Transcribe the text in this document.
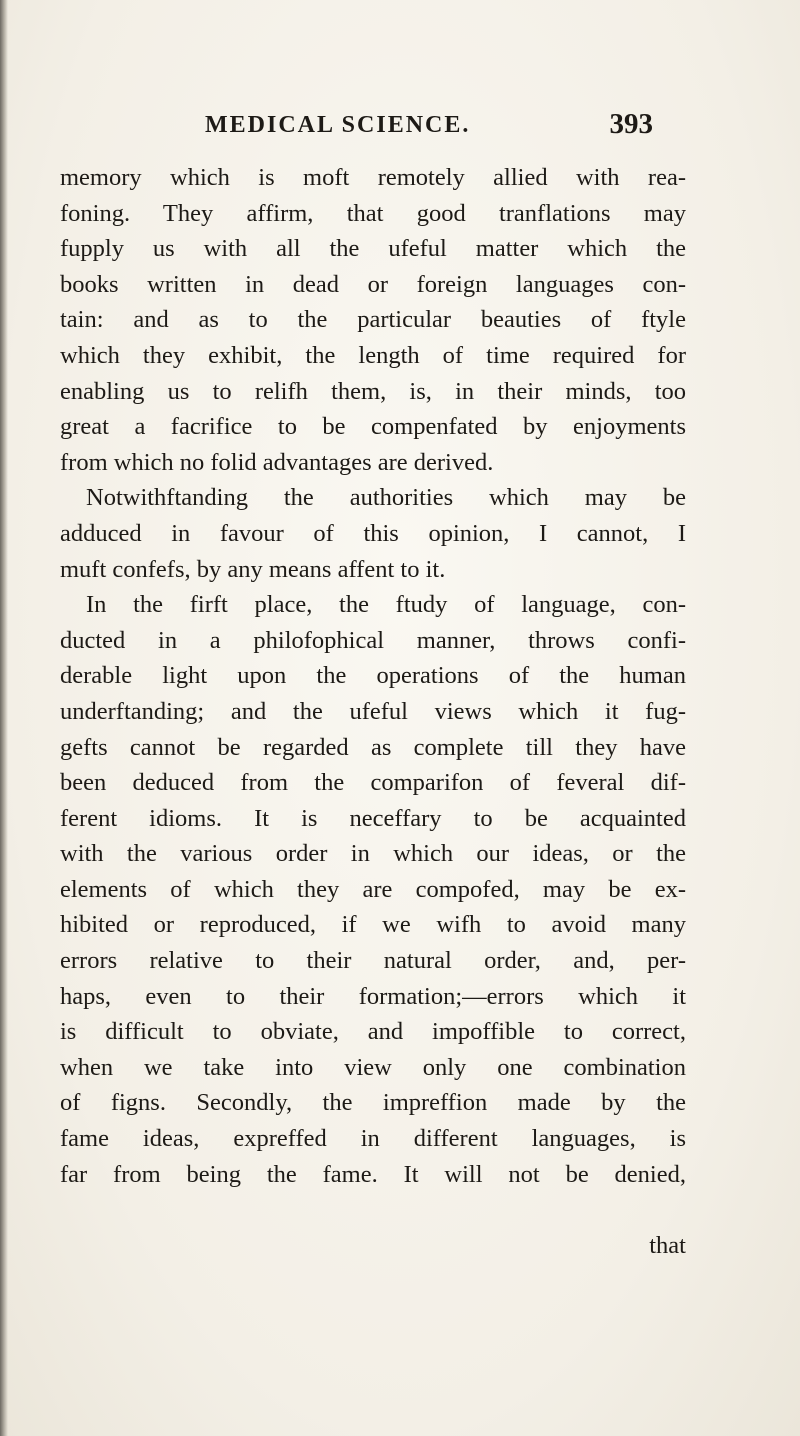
MEDICAL SCIENCE.	393
memory which is moft remotely allied with rea-
foning. They affirm, that good tranflations may
fupply us with all the ufeful matter which the
books written in dead or foreign languages con-
tain: and as to the particular beauties of ftyle
which they exhibit, the length of time required for
enabling us to relifh them, is, in their minds, too
great a facrifice to be compenfated by enjoyments
from which no folid advantages are derived.
Notwithftanding the authorities which may be
adduced in favour of this opinion, I cannot, I
muft confefs, by any means affent to it.
In the firft place, the ftudy of language, con-
ducted in a philofophical manner, throws confi-
derable light upon the operations of the human
underftanding; and the ufeful views which it fug-
gefts cannot be regarded as complete till they have
been deduced from the comparifon of feveral dif-
ferent idioms. It is neceffary to be acquainted
with the various order in which our ideas, or the
elements of which they are compofed, may be ex-
hibited or reproduced, if we wifh to avoid many
errors relative to their natural order, and, per-
haps, even to their formation;—errors which it
is difficult to obviate, and impoffible to correct,
when we take into view only one combination
of figns. Secondly, the impreffion made by the
fame ideas, expreffed in different languages, is
far from being the fame. It will not be denied,
that
